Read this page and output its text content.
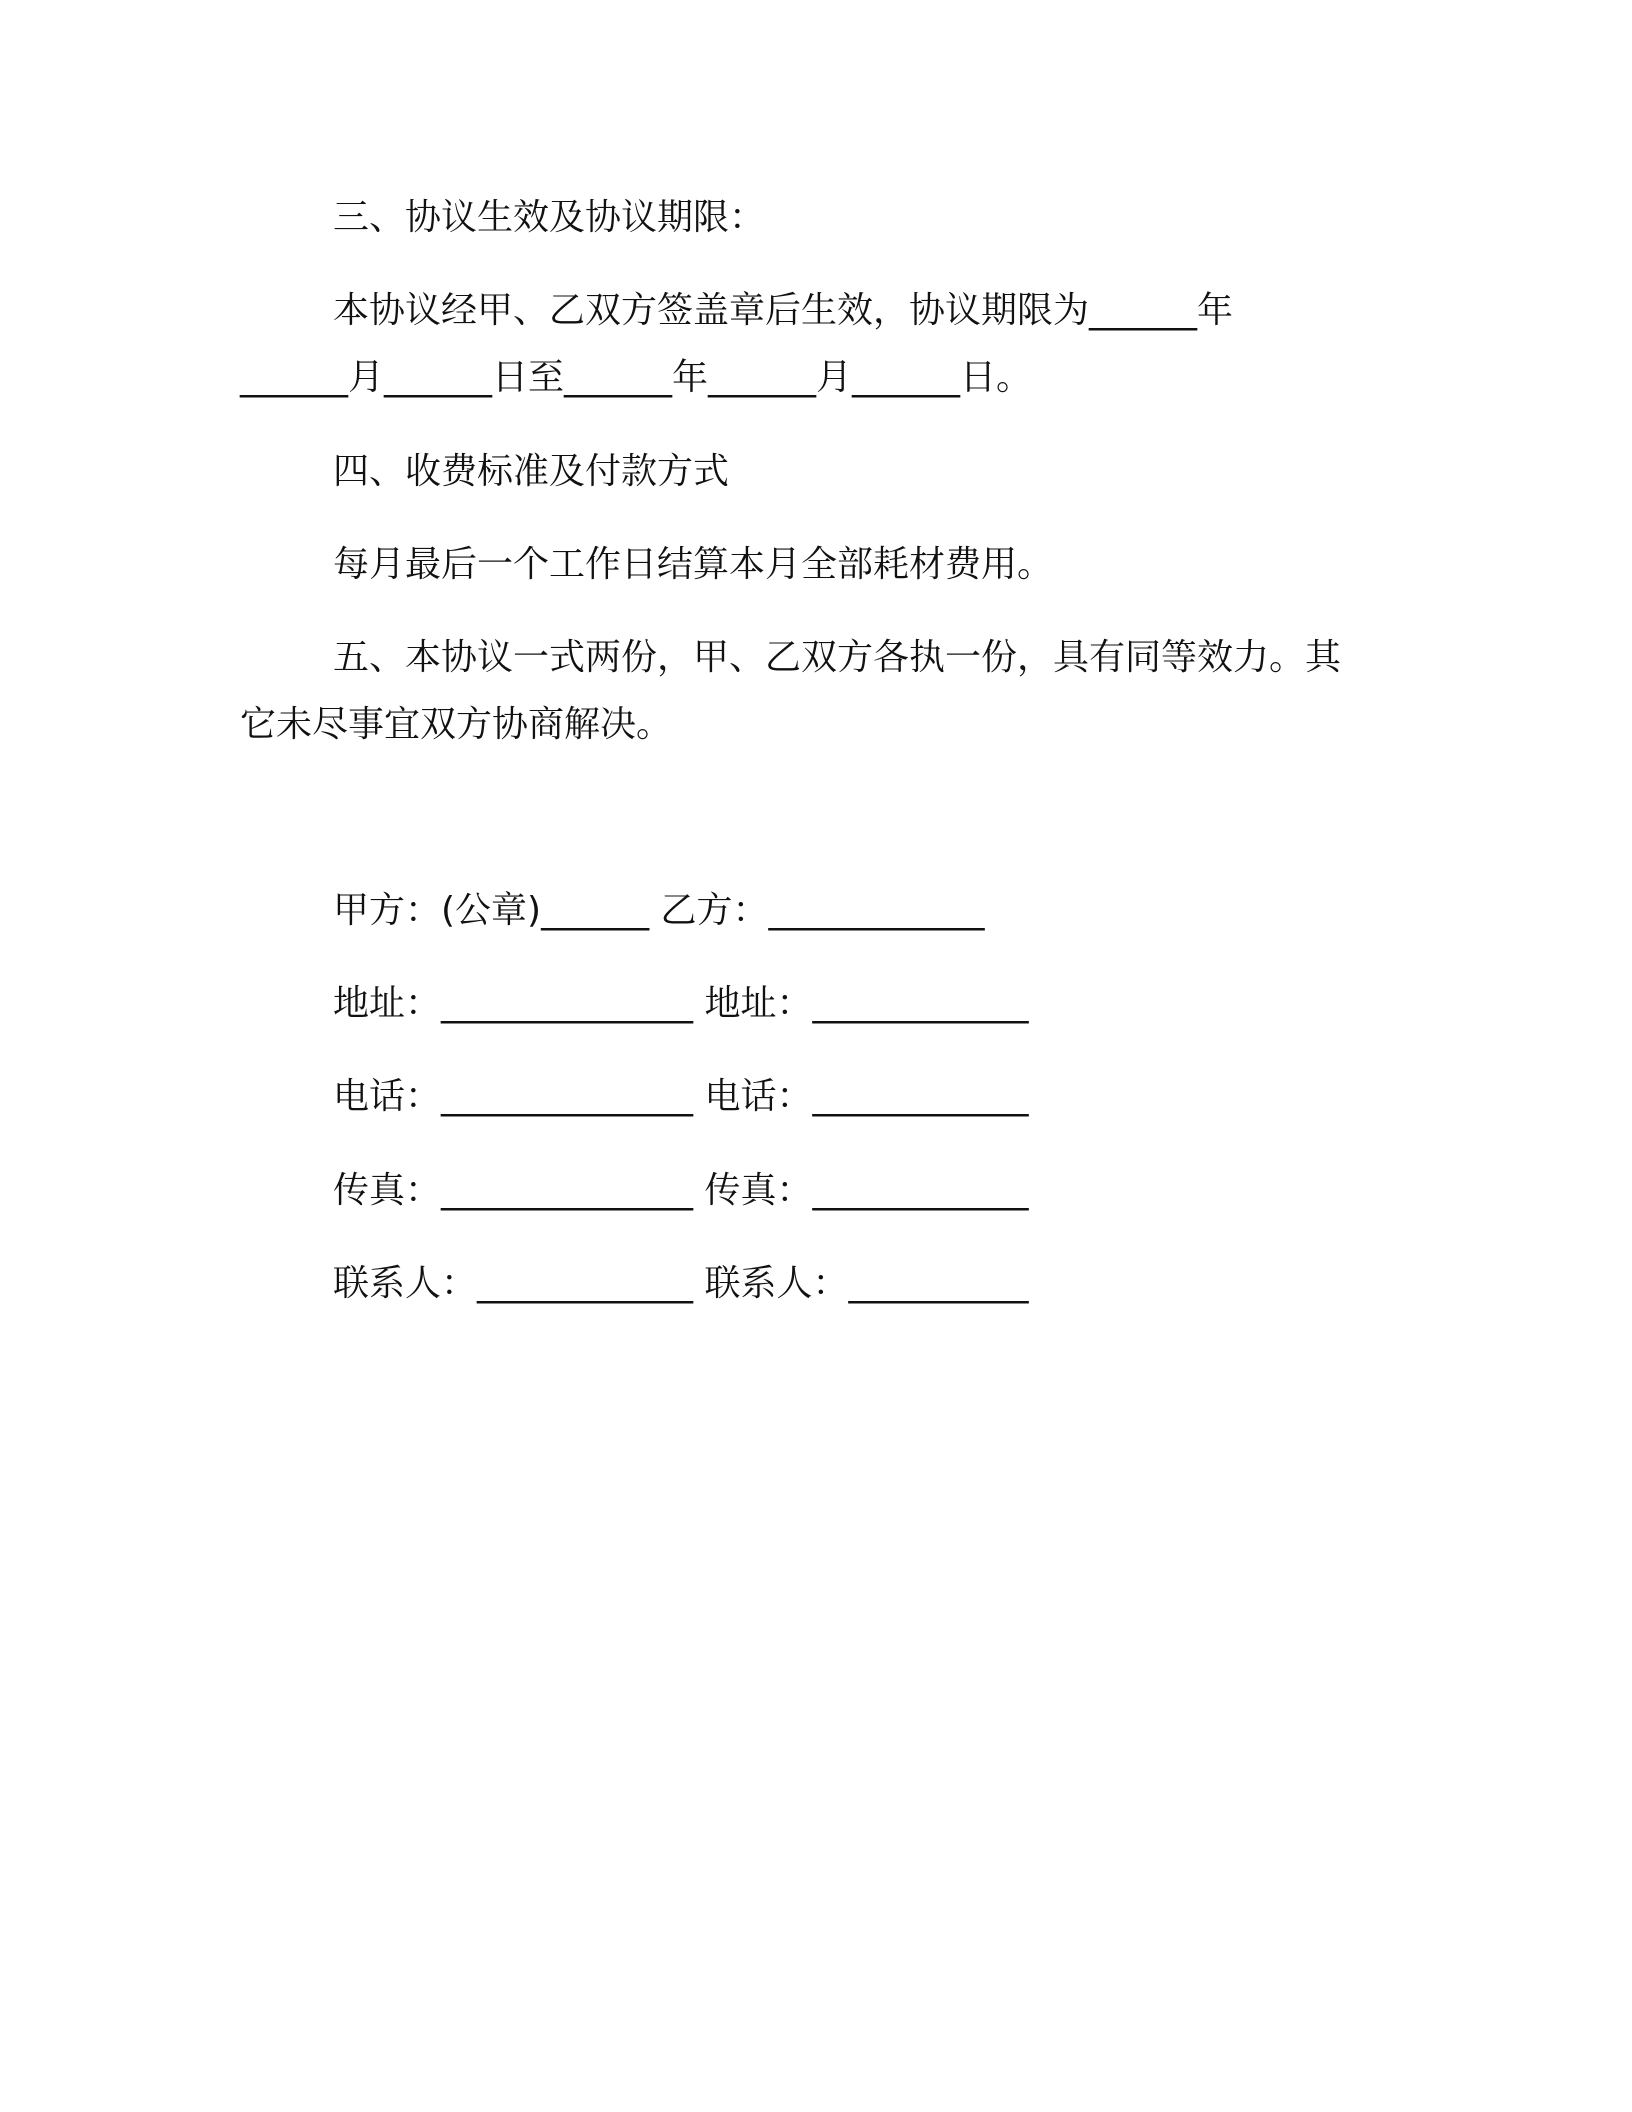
三、协议生效及协议期限：

本协议经甲、乙双方签盖章后生效，协议期限为______年

______月______日至______年______月______日。

四、收费标准及付款方式

每月最后一个工作日结算本月全部耗材费用。

五、本协议一式两份，甲、乙双方各执一份，具有同等效力。其

它未尽事宜双方协商解决。

甲方：(公章)______ 乙方：____________

地址：______________ 地址：____________

电话：______________ 电话：____________

传真：______________ 传真：____________

联系人：____________ 联系人：__________
